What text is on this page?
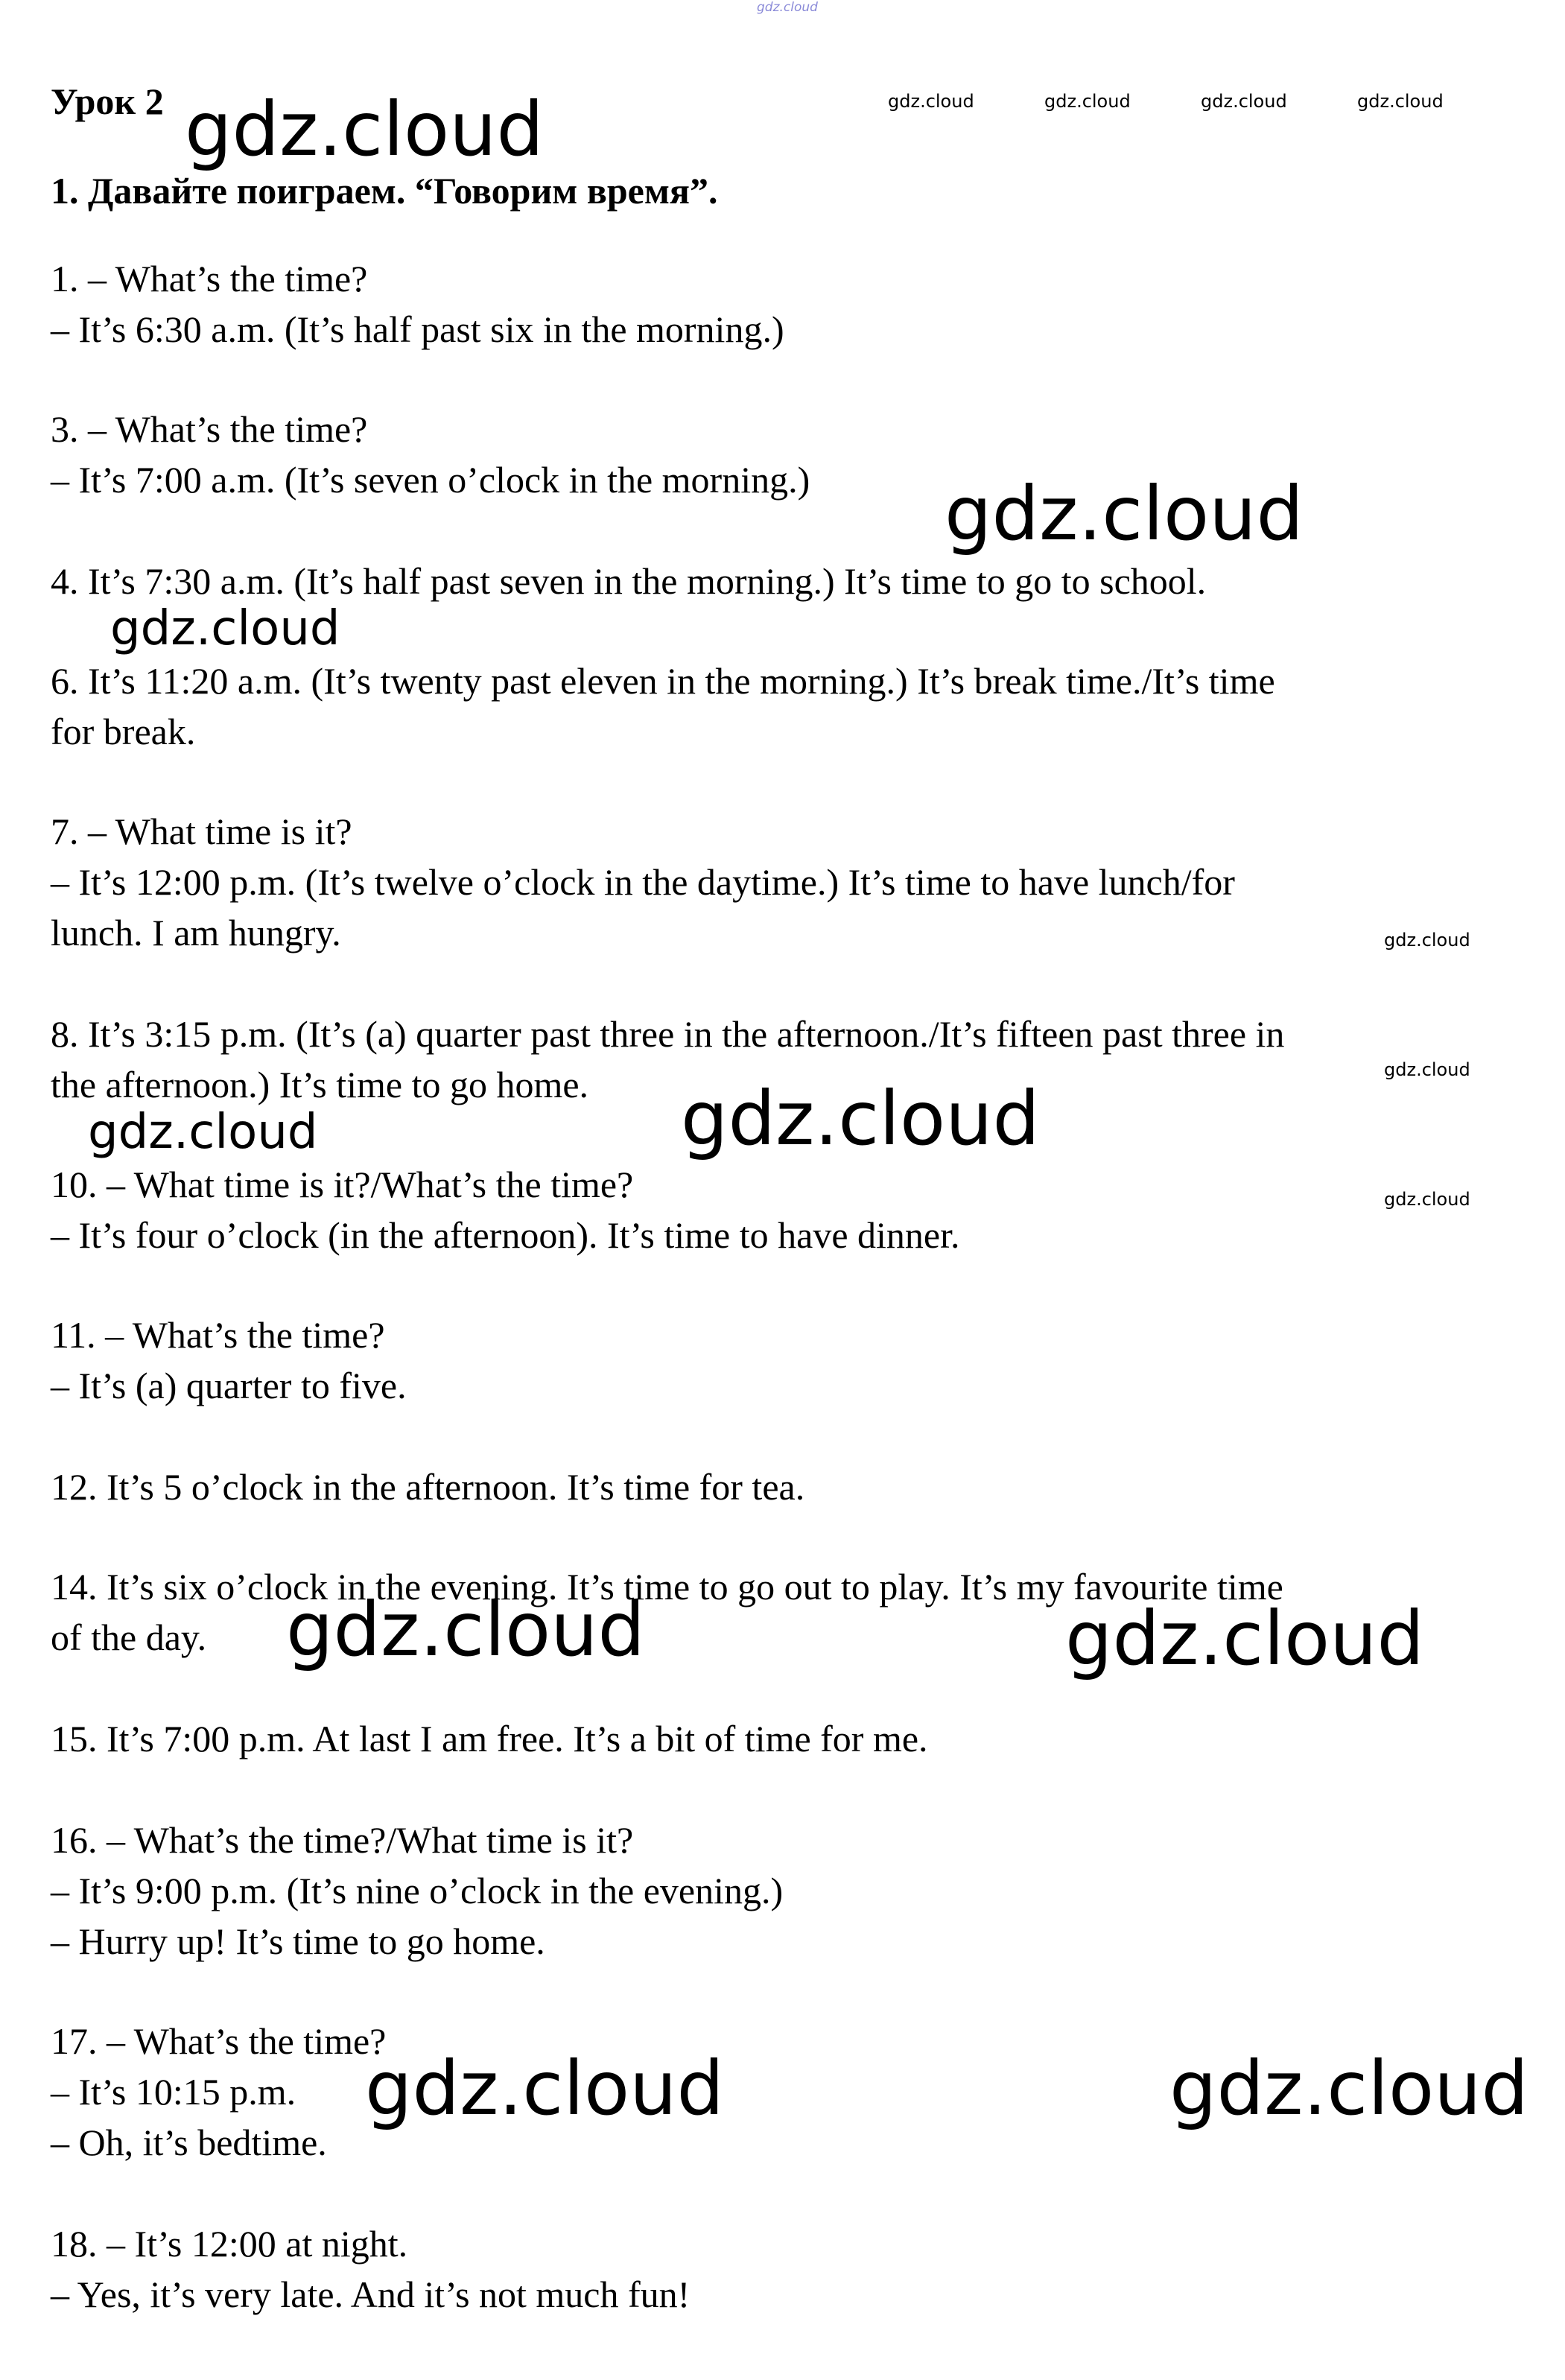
gdz.cloud
gdz.cloud	gdz.cloud	gdz.cloud	gdz.cloud
gdz.cloud
Урок 2
1. Давайте поиграем. “Говорим время”.
1. – What’s the time?
– It’s 6:30 a.m. (It’s half past six in the morning.)
3. – What’s the time?
– It’s 7:00 a.m. (It’s seven o’clock in the morning.)
4. It’s 7:30 a.m. (It’s half past seven in the morning.) It’s time to go to school.
6. It’s 11:20 a.m. (It’s twenty past eleven in the morning.) It’s break time./It’s time
for break.
7. – What time is it?
– It’s 12:00 p.m. (It’s twelve o’clock in the daytime.) It’s time to have lunch/for
lunch. I am hungry.
8. It’s 3:15 p.m. (It’s (a) quarter past three in the afternoon./It’s fifteen past three in
the afternoon.) It’s time to go home.
10. – What time is it?/What’s the time?
– It’s four o’clock (in the afternoon). It’s time to have dinner.
11. – What’s the time?
– It’s (a) quarter to five.
12. It’s 5 o’clock in the afternoon. It’s time for tea.
14. It’s six o’clock in the evening. It’s time to go out to play. It’s my favourite time
of the day.
15. It’s 7:00 p.m. At last I am free. It’s a bit of time for me.
16. – What’s the time?/What time is it?
– It’s 9:00 p.m. (It’s nine o’clock in the evening.)
– Hurry up! It’s time to go home.
17. – What’s the time?
– It’s 10:15 p.m.
– Oh, it’s bedtime.
18. – It’s 12:00 at night.
– Yes, it’s very late. And it’s not much fun!
gdz.cloud
gdz.cloud
gdz.cloud
gdz.cloud
gdz.cloud
gdz.cloud
gdz.cloud
gdz.cloud	gdz.cloud
gdz.cloud	gdz.cloud
